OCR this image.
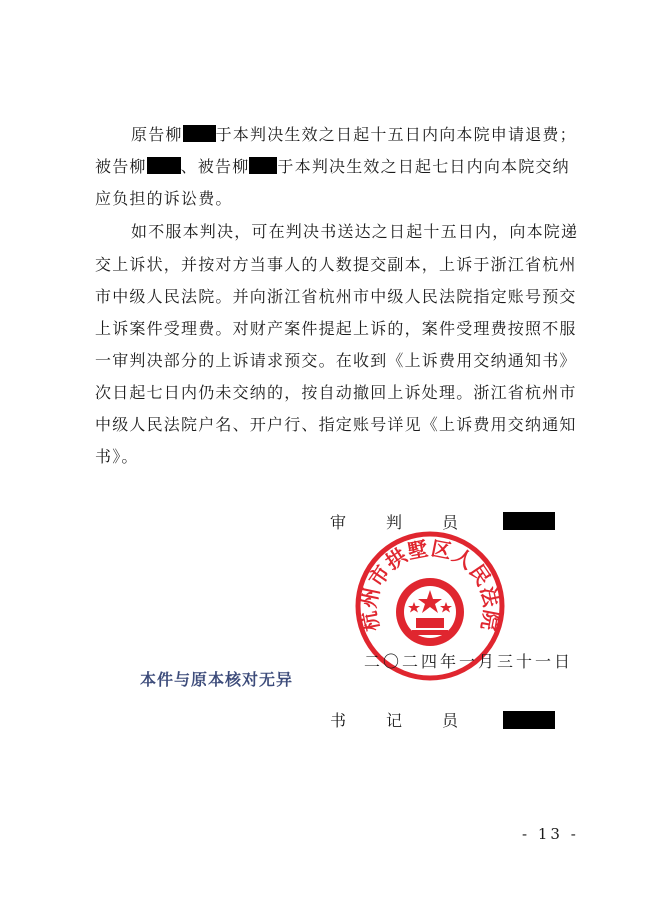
原告柳 于本判决生效之日起十五日内向本院申请退费；
被告柳 、被告柳 于本判决生效之日起七日内向本院交纳
应负担的诉讼费。
如不服本判决，可在判决书送达之日起十五日内，向本院递
交上诉状，并按对方当事人的人数提交副本，上诉于浙江省杭州
市中级人民法院。并向浙江省杭州市中级人民法院指定账号预交
上诉案件受理费。对财产案件提起上诉的，案件受理费按照不服
一审判决部分的上诉请求预交。在收到《上诉费用交纳通知书》
次日起七日内仍未交纳的，按自动撤回上诉处理。浙江省杭州市
中级人民法院户名、开户行、指定账号详见《上诉费用交纳通知
书》。
审 判 员
杭州市拱墅区人民法院
二〇二四年一月三十一日
本件与原本核对无异
书 记 员
- 13 -
